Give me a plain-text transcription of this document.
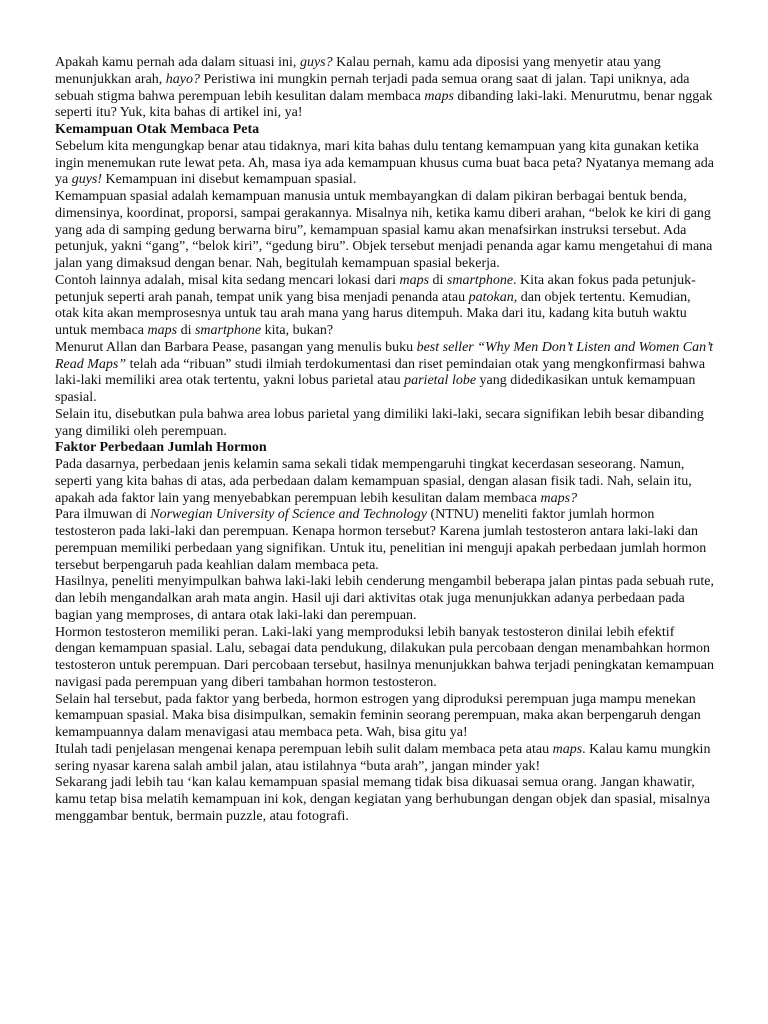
Apakah kamu pernah ada dalam situasi ini, guys? Kalau pernah, kamu ada diposisi yang menyetir atau yang menunjukkan arah, hayo? Peristiwa ini mungkin pernah terjadi pada semua orang saat di jalan. Tapi uniknya, ada sebuah stigma bahwa perempuan lebih kesulitan dalam membaca maps dibanding laki-laki. Menurutmu, benar nggak seperti itu? Yuk, kita bahas di artikel ini, ya!

Kemampuan Otak Membaca Peta

Sebelum kita mengungkap benar atau tidaknya, mari kita bahas dulu tentang kemampuan yang kita gunakan ketika ingin menemukan rute lewat peta. Ah, masa iya ada kemampuan khusus cuma buat baca peta? Nyatanya memang ada ya guys! Kemampuan ini disebut kemampuan spasial.

Kemampuan spasial adalah kemampuan manusia untuk membayangkan di dalam pikiran berbagai bentuk benda, dimensinya, koordinat, proporsi, sampai gerakannya. Misalnya nih, ketika kamu diberi arahan, “belok ke kiri di gang yang ada di samping gedung berwarna biru”, kemampuan spasial kamu akan menafsirkan instruksi tersebut. Ada petunjuk, yakni “gang”, “belok kiri”, “gedung biru”. Objek tersebut menjadi penanda agar kamu mengetahui di mana jalan yang dimaksud dengan benar. Nah, begitulah kemampuan spasial bekerja.

Contoh lainnya adalah, misal kita sedang mencari lokasi dari maps di smartphone. Kita akan fokus pada petunjuk-petunjuk seperti arah panah, tempat unik yang bisa menjadi penanda atau patokan, dan objek tertentu. Kemudian, otak kita akan memprosesnya untuk tau arah mana yang harus ditempuh. Maka dari itu, kadang kita butuh waktu untuk membaca maps di smartphone kita, bukan?

Menurut Allan dan Barbara Pease, pasangan yang menulis buku best seller “Why Men Don’t Listen and Women Can’t Read Maps” telah ada “ribuan” studi ilmiah terdokumentasi dan riset pemindaian otak yang mengkonfirmasi bahwa laki-laki memiliki area otak tertentu, yakni lobus parietal atau parietal lobe yang didedikasikan untuk kemampuan spasial.

Selain itu, disebutkan pula bahwa area lobus parietal yang dimiliki laki-laki, secara signifikan lebih besar dibanding yang dimiliki oleh perempuan.

Faktor Perbedaan Jumlah Hormon

Pada dasarnya, perbedaan jenis kelamin sama sekali tidak mempengaruhi tingkat kecerdasan seseorang. Namun, seperti yang kita bahas di atas, ada perbedaan dalam kemampuan spasial, dengan alasan fisik tadi. Nah, selain itu, apakah ada faktor lain yang menyebabkan perempuan lebih kesulitan dalam membaca maps?

Para ilmuwan di Norwegian University of Science and Technology (NTNU) meneliti faktor jumlah hormon testosteron pada laki-laki dan perempuan. Kenapa hormon tersebut? Karena jumlah testosteron antara laki-laki dan perempuan memiliki perbedaan yang signifikan. Untuk itu, penelitian ini menguji apakah perbedaan jumlah hormon tersebut berpengaruh pada keahlian dalam membaca peta.

Hasilnya, peneliti menyimpulkan bahwa laki-laki lebih cenderung mengambil beberapa jalan pintas pada sebuah rute, dan lebih mengandalkan arah mata angin. Hasil uji dari aktivitas otak juga menunjukkan adanya perbedaan pada bagian yang memproses, di antara otak laki-laki dan perempuan.

Hormon testosteron memiliki peran. Laki-laki yang memproduksi lebih banyak testosteron dinilai lebih efektif dengan kemampuan spasial. Lalu, sebagai data pendukung, dilakukan pula percobaan dengan menambahkan hormon testosteron untuk perempuan. Dari percobaan tersebut, hasilnya menunjukkan bahwa terjadi peningkatan kemampuan navigasi pada perempuan yang diberi tambahan hormon testosteron.

Selain hal tersebut, pada faktor yang berbeda, hormon estrogen yang diproduksi perempuan juga mampu menekan kemampuan spasial. Maka bisa disimpulkan, semakin feminin seorang perempuan, maka akan berpengaruh dengan kemampuannya dalam menavigasi atau membaca peta. Wah, bisa gitu ya!

Itulah tadi penjelasan mengenai kenapa perempuan lebih sulit dalam membaca peta atau maps. Kalau kamu mungkin sering nyasar karena salah ambil jalan, atau istilahnya “buta arah”, jangan minder yak!

Sekarang jadi lebih tau ‘kan kalau kemampuan spasial memang tidak bisa dikuasai semua orang. Jangan khawatir, kamu tetap bisa melatih kemampuan ini kok, dengan kegiatan yang berhubungan dengan objek dan spasial, misalnya menggambar bentuk, bermain puzzle, atau fotografi.
